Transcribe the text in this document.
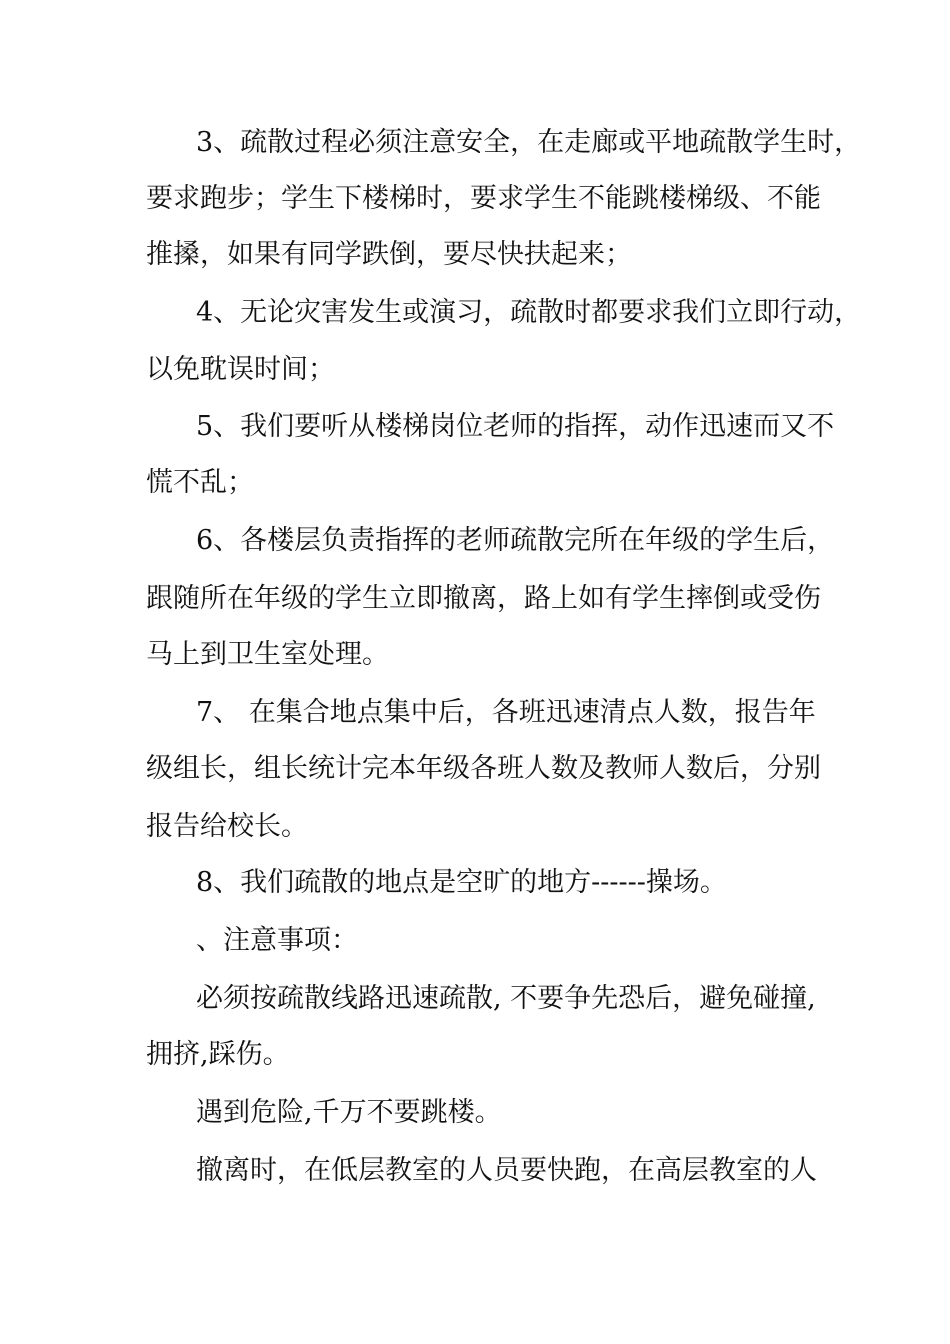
3、疏散过程必须注意安全，在走廊或平地疏散学生时，
要求跑步；学生下楼梯时，要求学生不能跳楼梯级、不能
推搡，如果有同学跌倒，要尽快扶起来；
4、无论灾害发生或演习，疏散时都要求我们立即行动，
以免耽误时间；
5、我们要听从楼梯岗位老师的指挥，动作迅速而又不
慌不乱；
6、各楼层负责指挥的老师疏散完所在年级的学生后，
跟随所在年级的学生立即撤离，路上如有学生摔倒或受伤
马上到卫生室处理。
7、 在集合地点集中后，各班迅速清点人数，报告年
级组长，组长统计完本年级各班人数及教师人数后，分别
报告给校长。
8、我们疏散的地点是空旷的地方------操场。
、注意事项：
必须按疏散线路迅速疏散, 不要争先恐后，避免碰撞,
拥挤,踩伤。
遇到危险,千万不要跳楼。
撤离时，在低层教室的人员要快跑，在高层教室的人
